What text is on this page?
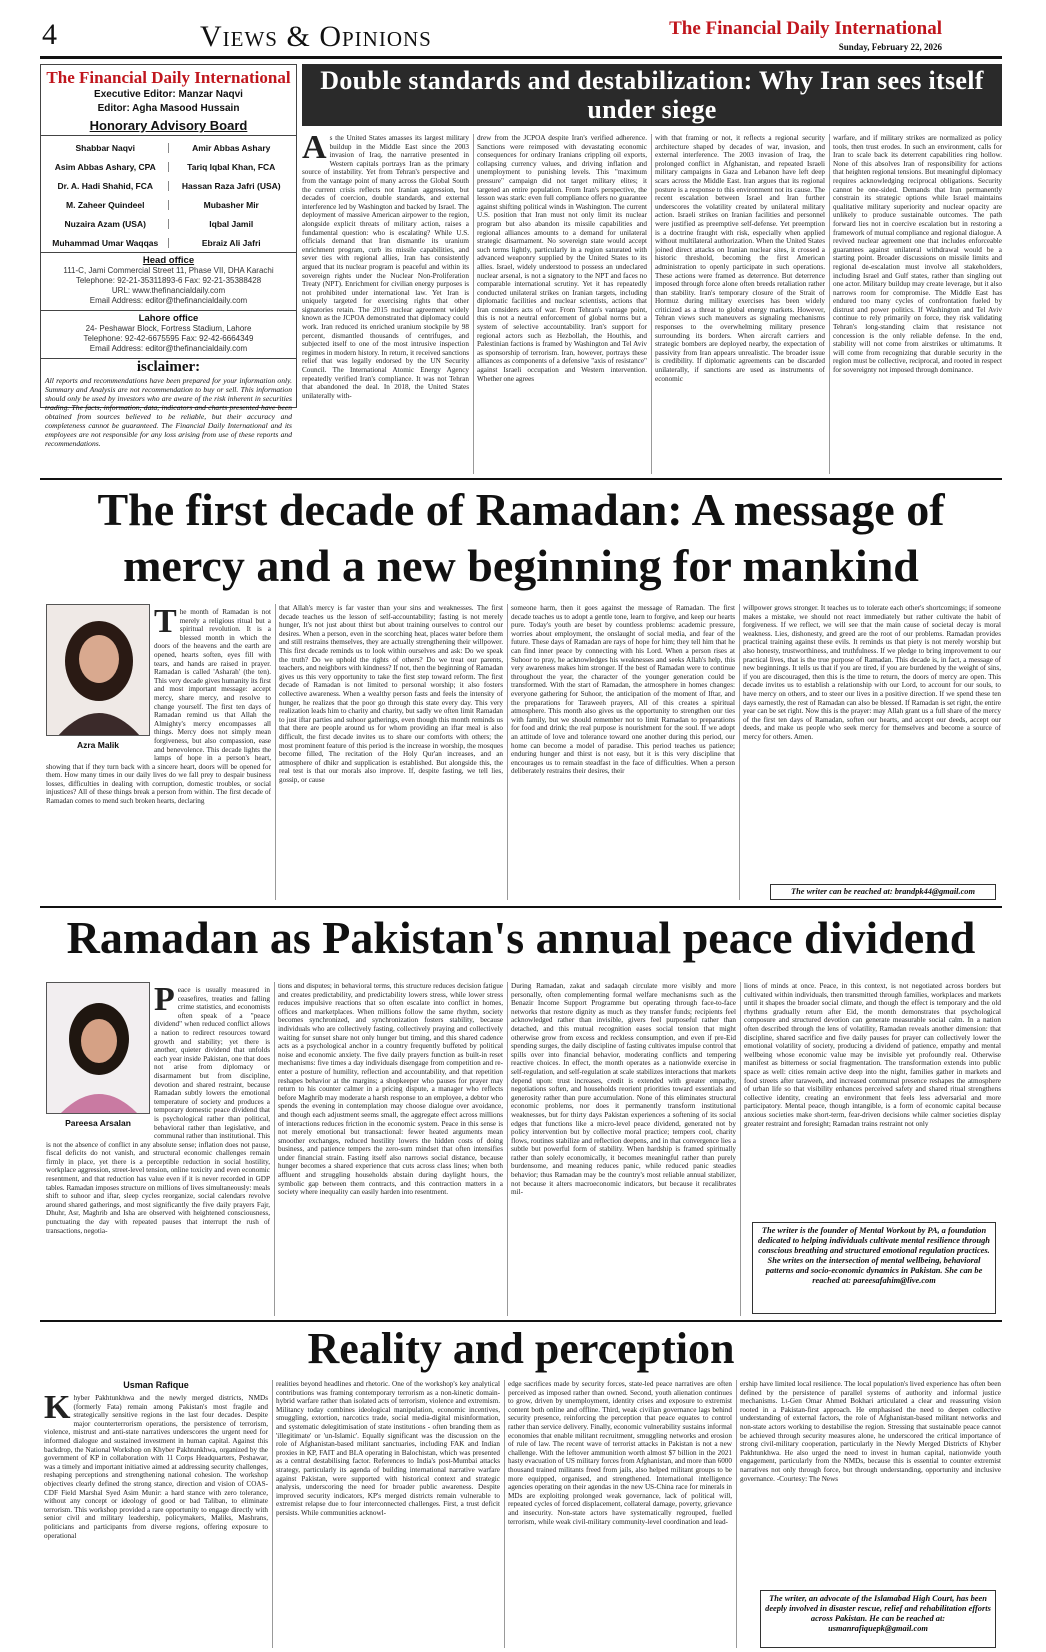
4	Views & Opinions	The Financial Daily International
Sunday, February 22, 2026
The Financial Daily International
Executive Editor: Manzar Naqvi
Editor: Agha Masood Hussain
Honorary Advisory Board
Shabbar Naqvi	Amir Abbas Ashary
Asim Abbas Ashary, CPA	Tariq Iqbal Khan, FCA
Dr. A. Hadi Shahid, FCA	Hassan Raza Jafri (USA)
M. Zaheer Quindeel	Mubasher Mir
Nuzaira Azam (USA)	Iqbal Jamil
Muhammad Umar Waqqas	Ebraiz Ali Jafri
Head office
111-C, Jami Commercial Street 11, Phase VII, DHA Karachi
Telephone: 92-21-35311893-6 Fax: 92-21-35388428
URL: www.thefinancialdaily.com
Email Address: editor@thefinancialdaily.com
Lahore office
24- Peshawar Block, Fortress Stadium, Lahore
Telephone: 92-42-6675595 Fax: 92-42-6664349
Email Address: editor@thefinancialdaily.com
isclaimer:
All reports and recommendations have been prepared for your information only. Summary and Analysis are not recommendation to buy or sell. This information should only be used by investors who are aware of the risk inherent in securities trading. The facts, information, data, indicators and charts presented have been obtained from sources believed to be reliable, but their accuracy and completeness cannot be guaranteed. The Financial Daily International and its employees are not responsible for any loss arising from use of these reports and recommendations.
Double standards and destabilization: Why Iran sees itself under siege
A s the United States amasses its largest military buildup in the Middle East since the 2003 invasion of Iraq, the narrative presented in Western capitals portrays Iran as the primary source of instability. Yet from Tehran's perspective and from the vantage point of many across the Global South the current crisis reflects not Iranian aggression, but decades of coercion, double standards, and external interference led by Washington and backed by Israel. The deployment of massive American airpower to the region, alongside explicit threats of military action, raises a fundamental question: who is escalating? While U.S. officials demand that Iran dismantle its uranium enrichment program, curb its missile capabilities, and sever ties with regional allies, Iran has consistently argued that its nuclear program is peaceful and within its sovereign rights under the Nuclear Non-Proliferation Treaty (NPT). Enrichment for civilian energy purposes is not prohibited under international law. Yet Iran is uniquely targeted for exercising rights that other signatories retain. The 2015 nuclear agreement widely known as the JCPOA demonstrated that diplomacy could work. Iran reduced its enriched uranium stockpile by 98 percent, dismantled thousands of centrifuges, and subjected itself to one of the most intrusive inspection regimes in modern history. In return, it received sanctions relief that was legally endorsed by the UN Security Council. The International Atomic Energy Agency repeatedly verified Iran's compliance. It was not Tehran that abandoned the deal. In 2018, the United States unilaterally with-
drew from the JCPOA despite Iran's verified adherence. Sanctions were reimposed with devastating economic consequences for ordinary Iranians crippling oil exports, collapsing currency values, and driving inflation and unemployment to punishing levels. This "maximum pressure" campaign did not target military elites; it targeted an entire population. From Iran's perspective, the lesson was stark: even full compliance offers no guarantee against shifting political winds in Washington. The current U.S. position that Iran must not only limit its nuclear program but also abandon its missile capabilities and regional alliances amounts to a demand for unilateral strategic disarmament. No sovereign state would accept such terms lightly, particularly in a region saturated with advanced weaponry supplied by the United States to its allies. Israel, widely understood to possess an undeclared nuclear arsenal, is not a signatory to the NPT and faces no comparable international scrutiny. Yet it has repeatedly conducted unilateral strikes on Iranian targets, including diplomatic facilities and nuclear scientists, actions that Iran considers acts of war. From Tehran's vantage point, this is not a neutral enforcement of global norms but a system of selective accountability. Iran's support for regional actors such as Hezbollah, the Houthis, and Palestinian factions is framed by Washington and Tel Aviv as sponsorship of terrorism. Iran, however, portrays these alliances as components of a defensive "axis of resistance" against Israeli occupation and Western intervention. Whether one agrees
with that framing or not, it reflects a regional security architecture shaped by decades of war, invasion, and external interference. The 2003 invasion of Iraq, the prolonged conflict in Afghanistan, and repeated Israeli military campaigns in Gaza and Lebanon have left deep scars across the Middle East. Iran argues that its regional posture is a response to this environment not its cause. The recent escalation between Israel and Iran further underscores the volatility created by unilateral military action. Israeli strikes on Iranian facilities and personnel were justified as preemptive self-defense. Yet preemption is a doctrine fraught with risk, especially when applied without multilateral authorization. When the United States joined direct attacks on Iranian nuclear sites, it crossed a historic threshold, becoming the first American administration to openly participate in such operations. These actions were framed as deterrence. But deterrence imposed through force alone often breeds retaliation rather than stability. Iran's temporary closure of the Strait of Hormuz during military exercises has been widely criticized as a threat to global energy markets. However, Tehran views such maneuvers as signaling mechanisms responses to the overwhelming military presence surrounding its borders. When aircraft carriers and strategic bombers are deployed nearby, the expectation of passivity from Iran appears unrealistic. The broader issue is credibility. If diplomatic agreements can be discarded unilaterally, if sanctions are used as instruments of economic
warfare, and if military strikes are normalized as policy tools, then trust erodes. In such an environment, calls for Iran to scale back its deterrent capabilities ring hollow. None of this absolves Iran of responsibility for actions that heighten regional tensions. But meaningful diplomacy requires acknowledging reciprocal obligations. Security cannot be one-sided. Demands that Iran permanently constrain its strategic options while Israel maintains qualitative military superiority and nuclear opacity are unlikely to produce sustainable outcomes. The path forward lies not in coercive escalation but in restoring a framework of mutual compliance and regional dialogue. A revived nuclear agreement one that includes enforceable guarantees against unilateral withdrawal would be a starting point. Broader discussions on missile limits and regional de-escalation must involve all stakeholders, including Israel and Gulf states, rather than singling out one actor. Military buildup may create leverage, but it also narrows room for compromise. The Middle East has endured too many cycles of confrontation fueled by distrust and power politics. If Washington and Tel Aviv continue to rely primarily on force, they risk validating Tehran's long-standing claim that resistance not concession is the only reliable defense. In the end, stability will not come from airstrikes or ultimatums. It will come from recognizing that durable security in the region must be collective, reciprocal, and rooted in respect for sovereignty not imposed through dominance.
The first decade of Ramadan: A message of mercy and a new beginning for mankind
Azra Malik
T he month of Ramadan is not merely a religious ritual but a spiritual revolution. It is a blessed month in which the doors of the heavens and the earth are opened, hearts soften, eyes fill with tears, and hands are raised in prayer. Ramadan is called 'Asharah' (the ten). This very decade gives humanity its first and most important message: accept mercy, share mercy, and resolve to change yourself. The first ten days of Ramadan remind us that Allah the Almighty's mercy encompasses all things. Mercy does not simply mean forgiveness, but also compassion, ease and benevolence. This decade lights the lamps of hope in a person's heart, showing that if they turn back with a sincere heart, doors will be opened for them. How many times in our daily lives do we fall prey to despair business losses, difficulties in dealing with corruption, domestic troubles, or social injustices? All of these things break a person from within. The first decade of Ramadan comes to mend such broken hearts, declaring
that Allah's mercy is far vaster than your sins and weaknesses. The first decade teaches us the lesson of self-accountability; fasting is not merely hunger, It's not just about thirst but about training ourselves to control our desires. When a person, even in the scorching heat, places water before them and still restrains themselves, they are actually strengthening their willpower. This first decade reminds us to look within ourselves and ask: Do we speak the truth? Do we uphold the rights of others? Do we treat our parents, teachers, and neighbors with kindness? If not, then the beginning of Ramadan gives us this very opportunity to take the first step toward reform. The first decade of Ramadan is not limited to personal worship; it also fosters collective awareness. When a wealthy person fasts and feels the intensity of hunger, he realizes that the poor go through this state every day. This very realization leads him to charity and charity, but sadly we often limit Ramadan to just iftar parties and suhoor gatherings, even though this month reminds us that there are people around us for whom providing an iftar meal is also difficult, the first decade invites us to share our comforts with others; the most prominent feature of this period is the increase in worship, the mosques become filled, The recitation of the Holy Qur'an increases, and an atmosphere of dhikr and supplication is established. But alongside this, the real test is that our morals also improve. If, despite fasting, we tell lies, gossip, or cause
someone harm, then it goes against the message of Ramadan. The first decade teaches us to adopt a gentle tone, learn to forgive, and keep our hearts pure. Today's youth are beset by countless problems: academic pressure, worries about employment, the onslaught of social media, and fear of the future. These days of Ramadan are rays of hope for him; they tell him that he can find inner peace by connecting with his Lord. When a person rises at Suhoor to pray, he acknowledges his weaknesses and seeks Allah's help, this very awareness makes him stronger. If the best of Ramadan were to continue throughout the year, the character of the younger generation could be transformed. With the start of Ramadan, the atmosphere in homes changes: everyone gathering for Suhoor, the anticipation of the moment of Iftar, and the preparations for Taraweeh prayers, All of this creates a spiritual atmosphere. This month also gives us the opportunity to strengthen our ties with family, but we should remember not to limit Ramadan to preparations for food and drink; the real purpose is nourishment for the soul. If we adopt an attitude of love and tolerance toward one another during this period, our home can become a model of paradise. This period teaches us patience; enduring hunger and thirst is not easy, but it is this very discipline that encourages us to remain steadfast in the face of difficulties. When a person deliberately restrains their desires, their
willpower grows stronger. It teaches us to tolerate each other's shortcomings; if someone makes a mistake, we should not react immediately but rather cultivate the habit of forgiveness. If we reflect, we will see that the main cause of societal decay is moral weakness. Lies, dishonesty, and greed are the root of our problems. Ramadan provides practical training against these evils. It reminds us that piety is not merely worship but also honesty, trustworthiness, and truthfulness. If we pledge to bring improvement to our practical lives, that is the true purpose of Ramadan. This decade is, in fact, a message of new beginnings. It tells us that if you are tired, if you are burdened by the weight of sins, if you are discouraged, then this is the time to return, the doors of mercy are open. This decade invites us to establish a relationship with our Lord, to account for our souls, to have mercy on others, and to steer our lives in a positive direction. If we spend these ten days earnestly, the rest of Ramadan can also be blessed. If Ramadan is set right, the entire year can be set right. Now this is the prayer: may Allah grant us a full share of the mercy of the first ten days of Ramadan, soften our hearts, and accept our deeds, accept our deeds, and make us people who seek mercy for themselves and become a source of mercy for others. Amen.
The writer can be reached at: brandpk44@gmail.com
Ramadan as Pakistan's annual peace dividend
Pareesa Arsalan
P eace is usually measured in ceasefires, treaties and falling crime statistics, and economists often speak of a "peace dividend" when reduced conflict allows a nation to redirect resources toward growth and stability; yet there is another, quieter dividend that unfolds each year inside Pakistan, one that does not arise from diplomacy or disarmament but from discipline, devotion and shared restraint, because Ramadan subtly lowers the emotional temperature of society and produces a temporary domestic peace dividend that is psychological rather than political, behavioral rather than legislative, and communal rather than institutional. This is not the absence of conflict in any absolute sense; inflation does not pause, fiscal deficits do not vanish, and structural economic challenges remain firmly in place, yet there is a perceptible reduction in social hostility, workplace aggression, street-level tension, online toxicity and even economic resentment, and that reduction has value even if it is never recorded in GDP tables. Ramadan imposes structure on millions of lives simultaneously: meals shift to suhoor and iftar, sleep cycles reorganize, social calendars revolve around shared gatherings, and most significantly the five daily prayers Fajr, Dhuhr, Asr, Maghrib and Isha are observed with heightened consciousness, punctuating the day with repeated pauses that interrupt the rush of transactions, negotia-
tions and disputes; in behavioral terms, this structure reduces decision fatigue and creates predictability, and predictability lowers stress, while lower stress reduces impulsive reactions that so often escalate into conflict in homes, offices and marketplaces. When millions follow the same rhythm, society becomes synchronized, and synchronization fosters stability, because individuals who are collectively fasting, collectively praying and collectively waiting for sunset share not only hunger but timing, and this shared cadence acts as a psychological anchor in a country frequently buffeted by political noise and economic anxiety. The five daily prayers function as built-in reset mechanisms: five times a day individuals disengage from competition and re-enter a posture of humility, reflection and accountability, and that repetition reshapes behavior at the margins; a shopkeeper who pauses for prayer may return to his counter calmer in a pricing dispute, a manager who reflects before Maghrib may moderate a harsh response to an employee, a debtor who spends the evening in contemplation may choose dialogue over avoidance, and though each adjustment seems small, the aggregate effect across millions of interactions reduces friction in the economic system. Peace in this sense is not merely emotional but transactional: fewer heated arguments mean smoother exchanges, reduced hostility lowers the hidden costs of doing business, and patience tempers the zero-sum mindset that often intensifies under financial strain. Fasting itself also narrows social distance, because hunger becomes a shared experience that cuts across class lines; when both affluent and struggling households abstain during daylight hours, the symbolic gap between them contracts, and this contraction matters in a society where inequality can easily harden into resentment.
During Ramadan, zakat and sadaqah circulate more visibly and more personally, often complementing formal welfare mechanisms such as the Benazir Income Support Programme but operating through face-to-face networks that restore dignity as much as they transfer funds; recipients feel acknowledged rather than invisible, givers feel purposeful rather than detached, and this mutual recognition eases social tension that might otherwise grow from excess and reckless consumption, and even if pre-Eid spending surges, the daily discipline of fasting cultivates impulse control that spills over into financial behavior, moderating conflicts and tempering reactive choices. In effect, the month operates as a nationwide exercise in self-regulation, and self-regulation at scale stabilizes interactions that markets depend upon: trust increases, credit is extended with greater empathy, negotiations soften, and households reorient priorities toward essentials and generosity rather than pure accumulation. None of this eliminates structural economic problems, nor does it permanently transform institutional weaknesses, but for thirty days Pakistan experiences a softening of its social edges that functions like a micro-level peace dividend, generated not by policy intervention but by collective moral practice; tempers cool, charity flows, routines stabilize and reflection deepens, and in that convergence lies a subtle but powerful form of stability. When hardship is framed spiritually rather than solely economically, it becomes meaningful rather than purely burdensome, and meaning reduces panic, while reduced panic steadies behavior; thus Ramadan may be the country's most reliable annual stabilizer, not because it alters macroeconomic indicators, but because it recalibrates mil-
lions of minds at once. Peace, in this context, is not negotiated across borders but cultivated within individuals, then transmitted through families, workplaces and markets until it shapes the broader social climate, and though the effect is temporary and the old rhythms gradually return after Eid, the month demonstrates that psychological composure and structured devotion can generate measurable social calm. In a nation often described through the lens of volatility, Ramadan reveals another dimension: that discipline, shared sacrifice and five daily pauses for prayer can collectively lower the emotional volatility of society, producing a dividend of patience, empathy and mental wellbeing whose economic value may be invisible yet profoundly real. Otherwise manifest as bitterness or social fragmentation. The transformation extends into public space as well: cities remain active deep into the night, families gather in markets and food streets after taraweeh, and increased communal presence reshapes the atmosphere of urban life so that visibility enhances perceived safety and shared ritual strengthens collective identity, creating an environment that feels less adversarial and more participatory. Mental peace, though intangible, is a form of economic capital because anxious societies make short-term, fear-driven decisions while calmer societies display greater restraint and foresight; Ramadan trains restraint not only
The writer is the founder of Mental Workout by PA, a foundation dedicated to helping individuals cultivate mental resilience through conscious breathing and structured emotional regulation practices. She writes on the intersection of mental wellbeing, behavioral patterns and socio-economic dynamics in Pakistan. She can be reached at: pareesafahim@live.com
Reality and perception
Usman Rafique
K hyber Pakhtunkhwa and the newly merged districts, NMDs (formerly Fata) remain among Pakistan's most fragile and strategically sensitive regions in the last four decades. Despite major counterterrorism operations, the persistence of terrorism, violence, mistrust and anti-state narratives underscores the urgent need for informed dialogue and sustained investment in human capital. Against this backdrop, the National Workshop on Khyber Pakhtunkhwa, organized by the government of KP in collaboration with 11 Corps Headquarters, Peshawar, was a timely and important initiative aimed at addressing security challenges, reshaping perceptions and strengthening national cohesion. The workshop objectives clearly defined the strong stance, direction and vision of COAS-CDF Field Marshal Syed Asim Munir: a hard stance with zero tolerance, without any concept or ideology of good or bad Taliban, to eliminate terrorism. This workshop provided a rare opportunity to engage directly with senior civil and military leadership, policymakers, Maliks, Mashrans, politicians and participants from diverse regions, offering exposure to operational
realities beyond headlines and rhetoric. One of the workshop's key analytical contributions was framing contemporary terrorism as a non-kinetic domain-hybrid warfare rather than isolated acts of terrorism, violence and extremism. Militancy today combines ideological manipulation, economic incentives, smuggling, extortion, narcotics trade, social media-digital misinformation, and systematic delegitimisation of state institutions - often branding them as 'illegitimate' or 'un-Islamic'. Equally significant was the discussion on the role of Afghanistan-based militant sanctuaries, including FAK and Indian proxies in KP, FAIT and BLA operating in Balochistan, which was presented as a central destabilising factor. References to India's post-Mumbai attacks strategy, particularly its agenda of building international narrative warfare against Pakistan, were supported with historical context and strategic analysis, underscoring the need for broader public awareness. Despite improved security indicators, KP's merged districts remain vulnerable to extremist relapse due to four interconnected challenges. First, a trust deficit persists. While communities acknowl-
edge sacrifices made by security forces, state-led peace narratives are often perceived as imposed rather than owned. Second, youth alienation continues to grow, driven by unemployment, identity crises and exposure to extremist content both online and offline. Third, weak civilian governance lags behind security presence, reinforcing the perception that peace equates to control rather than service delivery. Finally, economic vulnerability sustains informal economies that enable militant recruitment, smuggling networks and erosion of rule of law. The recent wave of terrorist attacks in Pakistan is not a new challenge. With the leftover ammunition worth almost $7 billion in the 2021 hasty evacuation of US military forces from Afghanistan, and more than 6000 thousand trained militants freed from jails, also helped militant groups to be more equipped, organised, and strengthened. International intelligence agencies operating on their agendas in the new US-China race for minerals in MDs are exploiting prolonged weak governance, lack of political will, repeated cycles of forced displacement, collateral damage, poverty, grievance and insecurity. Non-state actors have systematically regrouped, fuelled terrorism, while weak civil-military community-level coordination and lead-
ership have limited local resilience. The local population's lived experience has often been defined by the persistence of parallel systems of authority and informal justice mechanisms. Lt-Gen Omar Ahmed Bokhari articulated a clear and reassuring vision rooted in a Pakistan-first approach. He emphasised the need to deepen collective understanding of external factors, the role of Afghanistan-based militant networks and non-state actors working to destabilise the region. Stressing that sustainable peace cannot be achieved through security measures alone, he underscored the critical importance of strong civil-military cooperation, particularly in the Newly Merged Districts of Khyber Pakhtunkhwa. He also urged the need to invest in human capital, nationwide youth engagement, particularly from the NMDs, because this is essential to counter extremist narratives not only through force, but through understanding, opportunity and inclusive governance. -Courtesy: The News
The writer, an advocate of the Islamabad High Court, has been deeply involved in disaster rescue, relief and rehabilitation efforts across Pakistan. He can be reached at: usmanrafiquepk@gmail.com
